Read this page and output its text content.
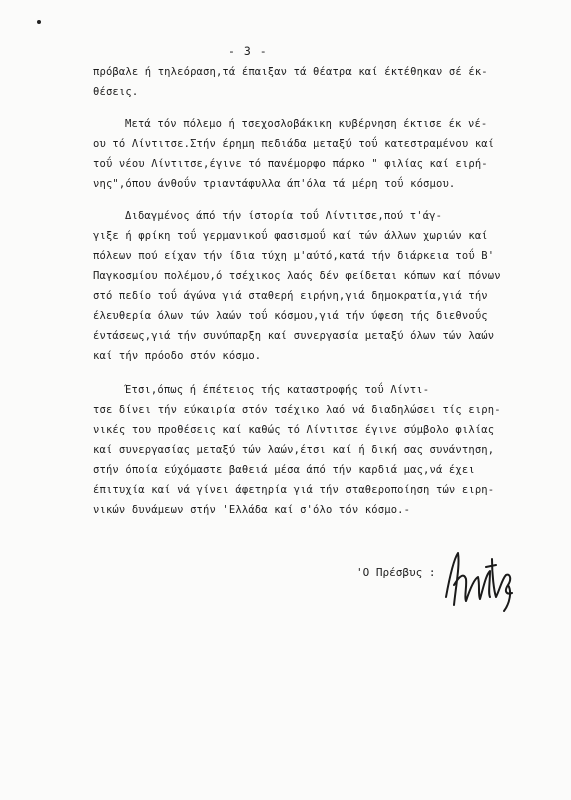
- 3 -
πρόβαλε ή τηλεόραση,τά έπαιξαν τά θέατρα καί έκτέθηκαν σέ έκ-
θέσεις.
Μετά τόν πόλεμο ή τσεχοσλοβάκικη κυβέρνηση έκτισε έκ νέ-
ου τό Λίντιτσε.Στήν έρημη πεδιάδα μεταξύ τοΰ κατεστραμένου καί
τοΰ νέου Λίντιτσε,έγινε τό πανέμορφο πάρκο " φιλίας καί ειρή-
νης",όπου άνθοΰν τριαντάφυλλα άπ'όλα τά μέρη τοΰ κόσμου.
Διδαγμένος άπό τήν ίστορία τοΰ Λίντιτσε,πού τ'άγ-
γιξε ή φρίκη τοΰ γερμανικοΰ φασισμοΰ καί τών άλλων χωριών καί
πόλεων πού είχαν τήν ίδια τύχη μ'αύτό,κατά τήν διάρκεια τοΰ Β'
Παγκοσμίου πολέμου,ό τσέχικος λαός δέν φείδεται κόπων καί πόνων
στό πεδίο τοΰ άγώνα γιά σταθερή ειρήνη,γιά δημοκρατία,γιά τήν
έλευθερία όλων τών λαών τοΰ κόσμου,γιά τήν ύφεση τής διεθνοΰς
έντάσεως,γιά τήν συνύπαρξη καί συνεργασία μεταξύ όλων τών λαών
καί τήν πρόοδο στόν κόσμο.
Έτσι,όπως ή έπέτειος τής καταστροφής τοΰ Λίντι-
τσε δίνει τήν εύκαιρία στόν τσέχικο λαό νά διαδηλώσει τίς ειρη-
νικές του προθέσεις καί καθώς τό Λίντιτσε έγινε σύμβολο φιλίας
καί συνεργασίας μεταξύ τών λαών,έτσι καί ή δική σας συνάντηση,
στήν όποία εύχόμαστε βαθειά μέσα άπό τήν καρδιά μας,νά έχει
έπιτυχία καί νά γίνει άφετηρία γιά τήν σταθεροποίηση τών ειρη-
νικών δυνάμεων στήν 'Ελλάδα καί σ'όλο τόν κόσμο.-
'Ο Πρέσβυς :
